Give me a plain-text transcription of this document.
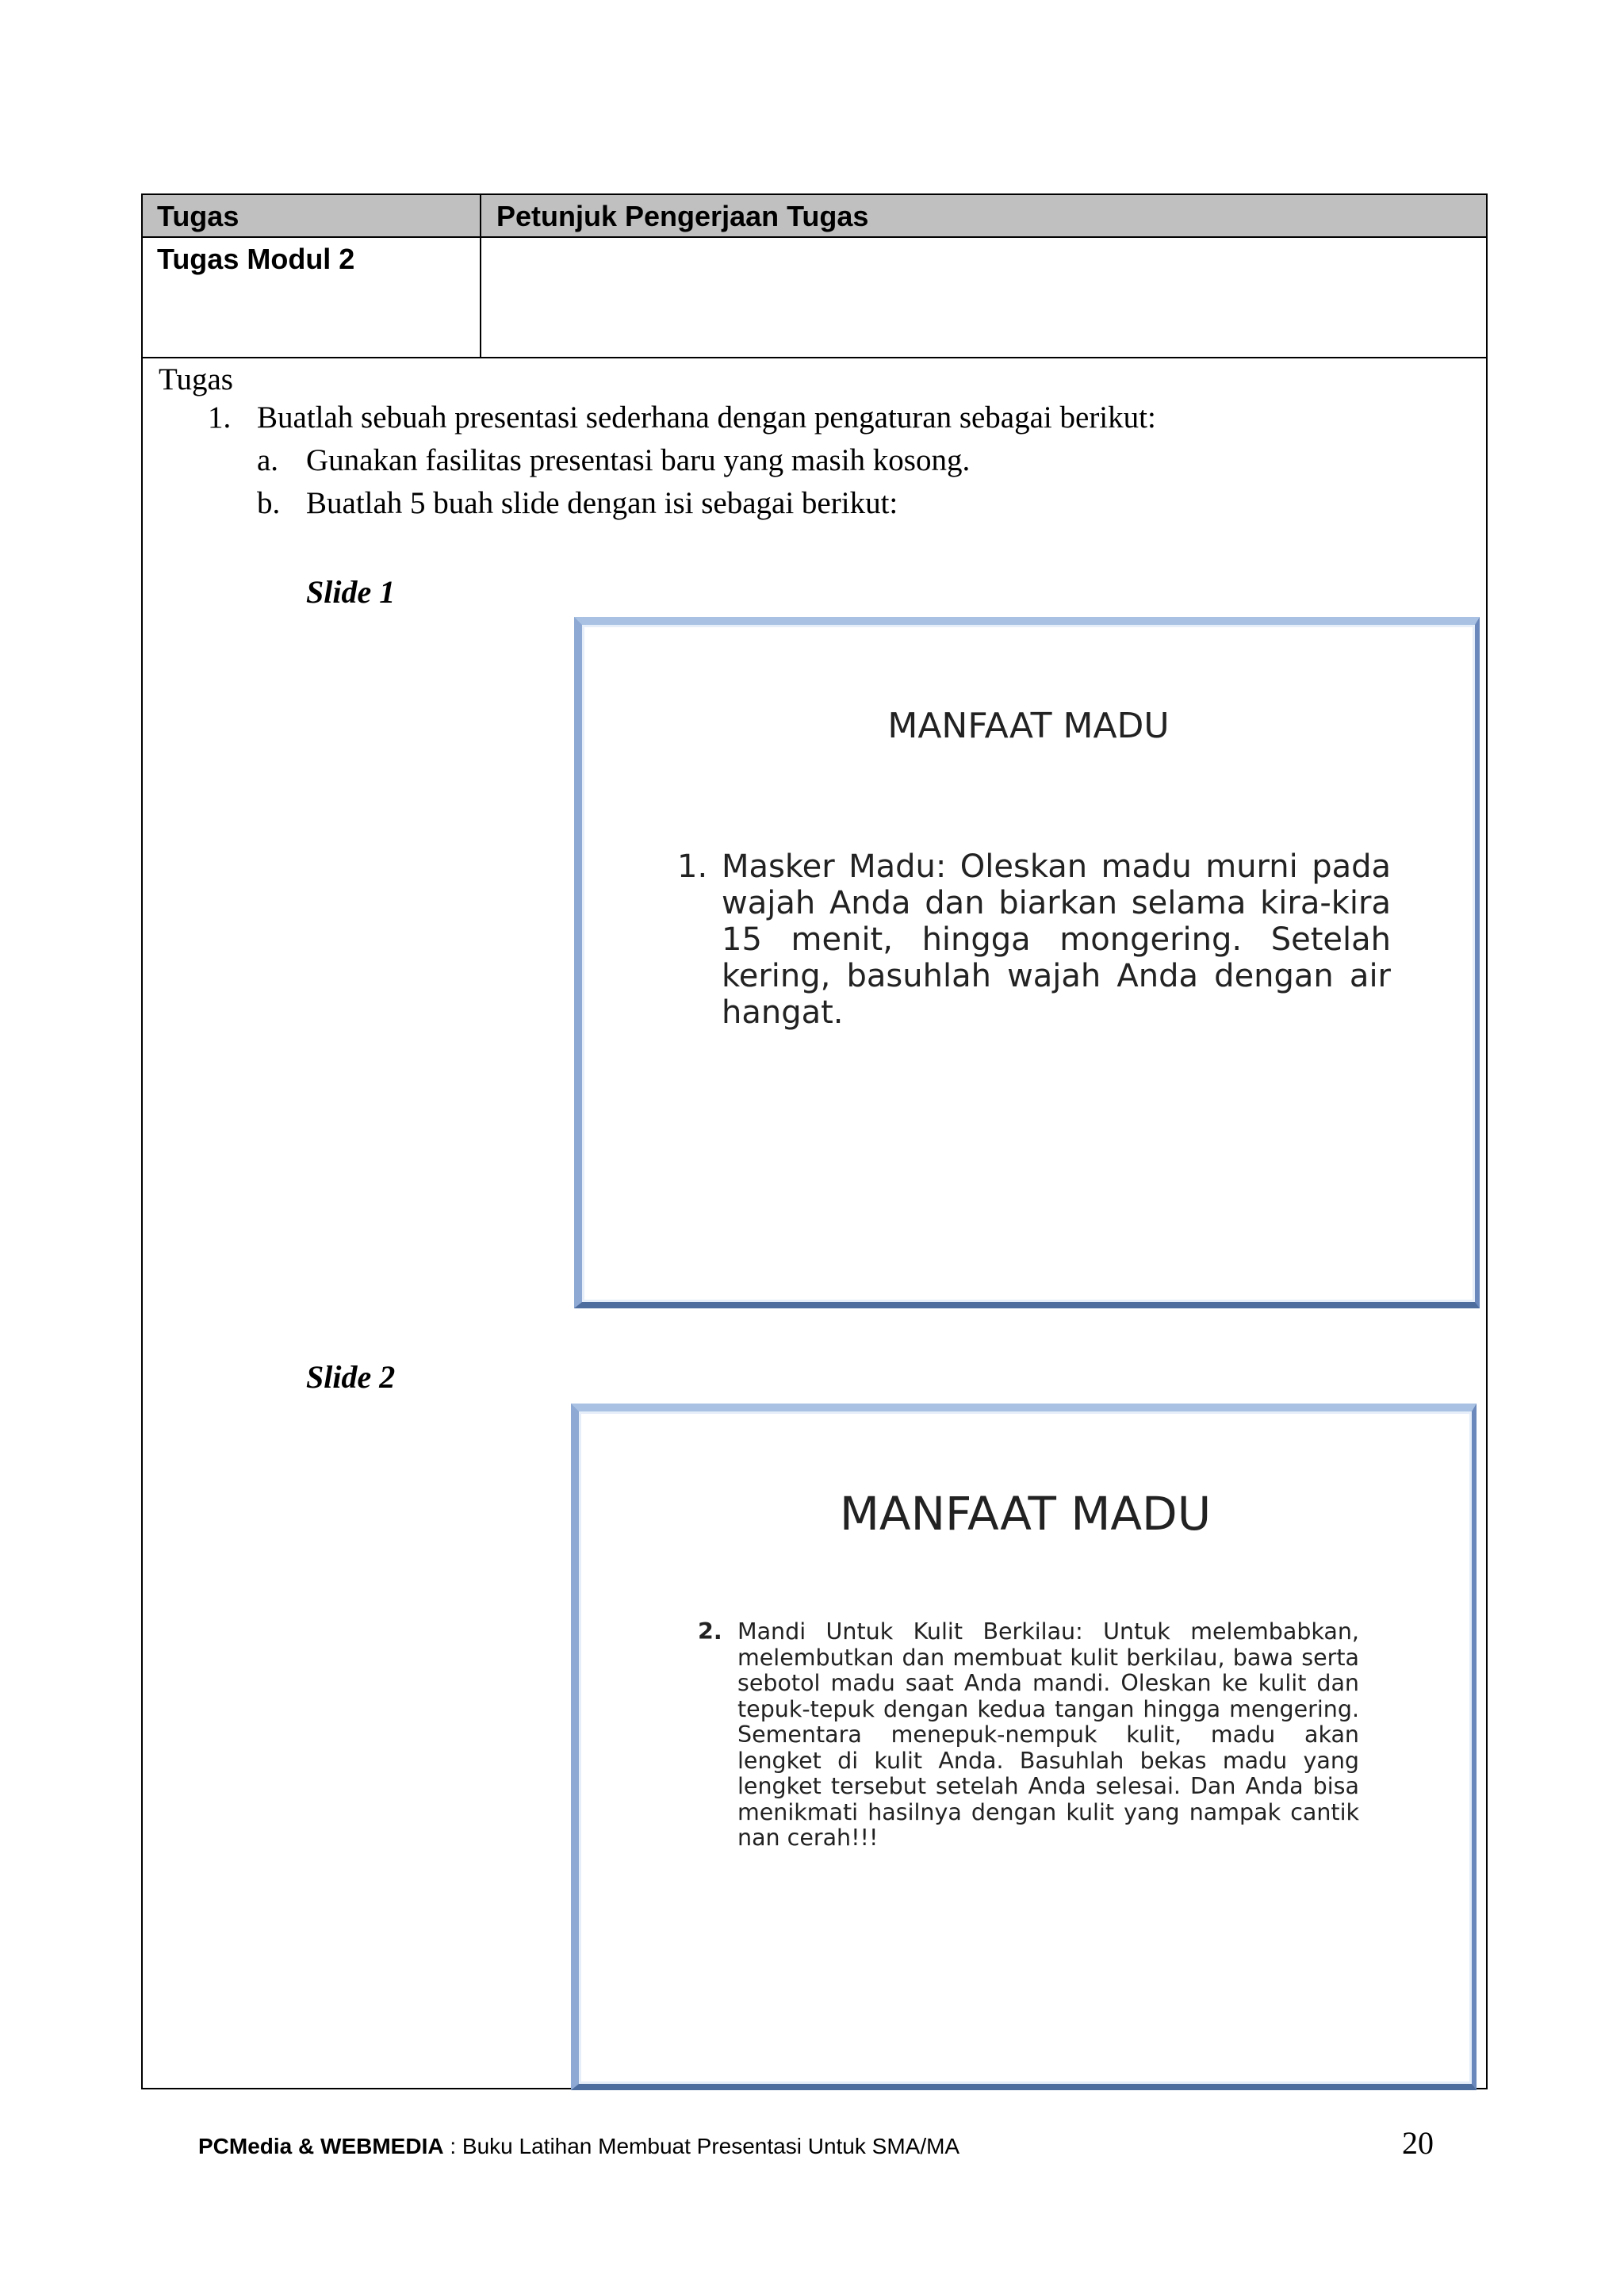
Tugas	Petunjuk Pengerjaan Tugas
Tugas Modul 2
Tugas
1. Buatlah sebuah presentasi sederhana dengan pengaturan sebagai berikut:
a. Gunakan fasilitas presentasi baru yang masih kosong.
b. Buatlah 5 buah slide dengan isi sebagai berikut:
Slide 1
Slide 2
MANFAAT MADU
1. Masker Madu: Oleskan madu murni pada wajah Anda dan biarkan selama kira-kira 15 menit, hingga mongering. Setelah kering, basuhlah wajah Anda dengan air hangat.
MANFAAT MADU
2. Mandi Untuk Kulit Berkilau: Untuk melembabkan, melembutkan dan membuat kulit berkilau, bawa serta sebotol madu saat Anda mandi. Oleskan ke kulit dan tepuk-tepuk dengan kedua tangan hingga mengering. Sementara menepuk-nempuk kulit, madu akan lengket di kulit Anda. Basuhlah bekas madu yang lengket tersebut setelah Anda selesai. Dan Anda bisa menikmati hasilnya dengan kulit yang nampak cantik nan cerah!!!
PCMedia & WEBMEDIA : Buku Latihan Membuat Presentasi Untuk SMA/MA	20
